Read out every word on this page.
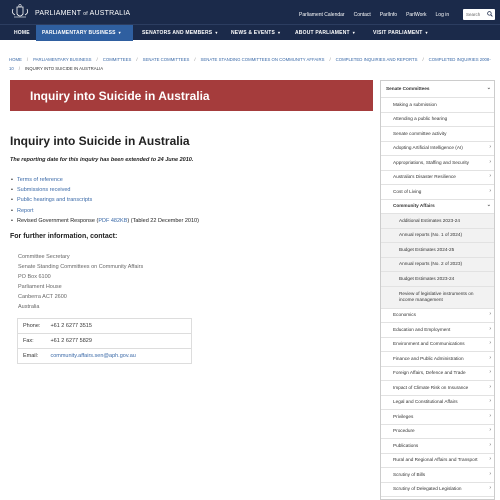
PARLIAMENT of AUSTRALIA	Parliament Calendar Contact ParlInfo ParlWork Log in	Search
HOME	PARLIAMENTARY BUSINESS ▾	SENATORS AND MEMBERS ▾	NEWS & EVENTS ▾	ABOUT PARLIAMENT ▾	VISIT PARLIAMENT ▾
HOME / PARLIAMENTARY BUSINESS / COMMITTEES / SENATE COMMITTEES / SENATE STANDING COMMITTEES ON COMMUNITY AFFAIRS / COMPLETED INQUIRIES AND REPORTS / COMPLETED INQUIRIES 2008-10 / INQUIRY INTO SUICIDE IN AUSTRALIA
Inquiry into Suicide in Australia
Inquiry into Suicide in Australia

The reporting date for this inquiry has been extended to 24 June 2010.

• Terms of reference
• Submissions received
• Public hearings and transcripts
• Report
• Revised Government Response (PDF 482KB) (Tabled 22 December 2010)
For further information, contact:
Committee Secretary
Senate Standing Committees on Community Affairs
PO Box 6100
Parliament House
Canberra ACT 2600
Australia
Phone:	+61 2 6277 3515
Fax:	+61 2 6277 5829
Email:	community.affairs.sen@aph.gov.au
Senate Committees	⌄
Making a submission
Attending a public hearing
Senate committee activity
Adopting Artificial Intelligence (AI)	›
Appropriations, Staffing and Security	›
Australia's Disaster Resilience	›
Cost of Living	›
Community Affairs	⌄
Additional Estimates 2023-24
Annual reports (No. 1 of 2024)
Budget Estimates 2024-25
Annual reports (No. 2 of 2023)
Budget Estimates 2023-24
Review of legislative instruments on income management
Economics	›
Education and Employment	›
Environment and Communications	›
Finance and Public Administration	›
Foreign Affairs, Defence and Trade	›
Impact of Climate Risk on Insurance	›
Legal and Constitutional Affairs	›
Privileges	›
Procedure	›
Publications	›
Rural and Regional Affairs and Transport ›
Scrutiny of Bills	›
Scrutiny of Delegated Legislation	›
